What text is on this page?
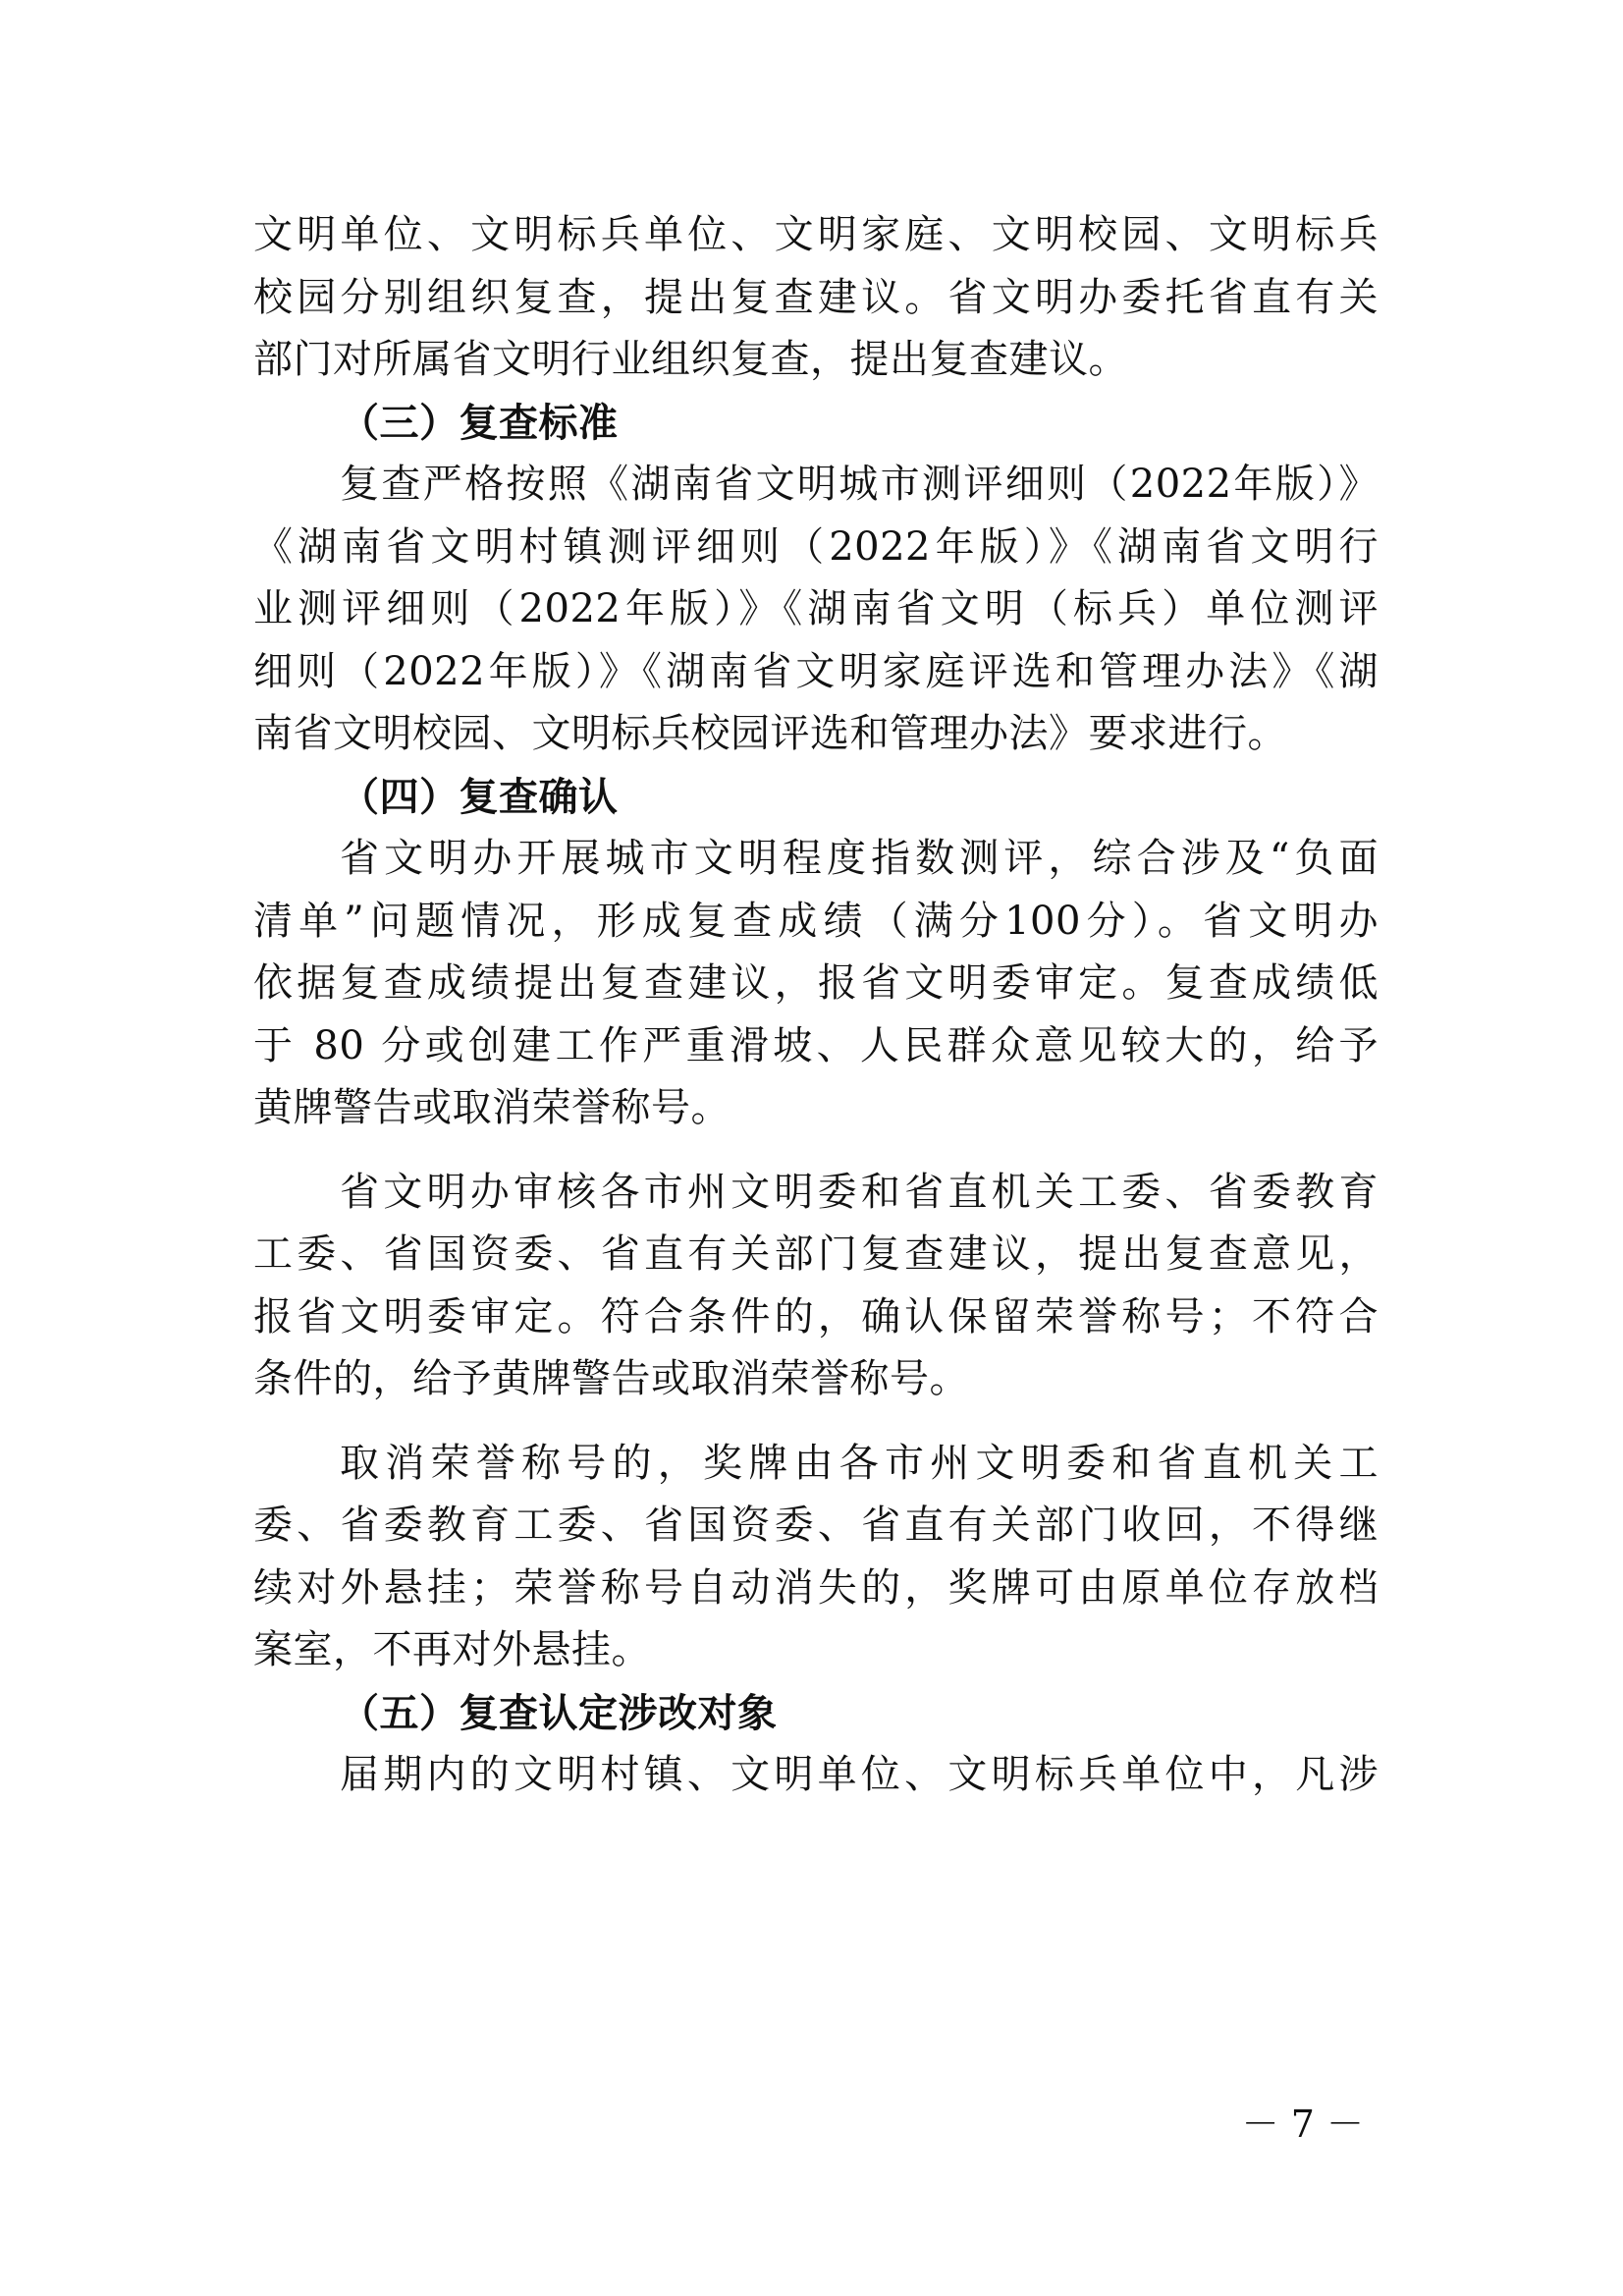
文明单位、文明标兵单位、文明家庭、文明校园、文明标兵
校园分别组织复查，提出复查建议。省文明办委托省直有关
部门对所属省文明行业组织复查，提出复查建议。
（三）复查标准
复查严格按照《湖南省文明城市测评细则（2022年版）》
《湖南省文明村镇测评细则（2022年版）》《湖南省文明行
业测评细则（2022年版）》《湖南省文明（标兵）单位测评
细则（2022年版）》《湖南省文明家庭评选和管理办法》《湖
南省文明校园、文明标兵校园评选和管理办法》要求进行。
（四）复查确认
省文明办开展城市文明程度指数测评，综合涉及“负面
清单”问题情况，形成复查成绩（满分100分）。省文明办
依据复查成绩提出复查建议，报省文明委审定。复查成绩低
于 80 分或创建工作严重滑坡、人民群众意见较大的，给予
黄牌警告或取消荣誉称号。
省文明办审核各市州文明委和省直机关工委、省委教育
工委、省国资委、省直有关部门复查建议，提出复查意见，
报省文明委审定。符合条件的，确认保留荣誉称号；不符合
条件的，给予黄牌警告或取消荣誉称号。
取消荣誉称号的，奖牌由各市州文明委和省直机关工
委、省委教育工委、省国资委、省直有关部门收回，不得继
续对外悬挂；荣誉称号自动消失的，奖牌可由原单位存放档
案室，不再对外悬挂。
（五）复查认定涉改对象
届期内的文明村镇、文明单位、文明标兵单位中，凡涉
－ 7 －
